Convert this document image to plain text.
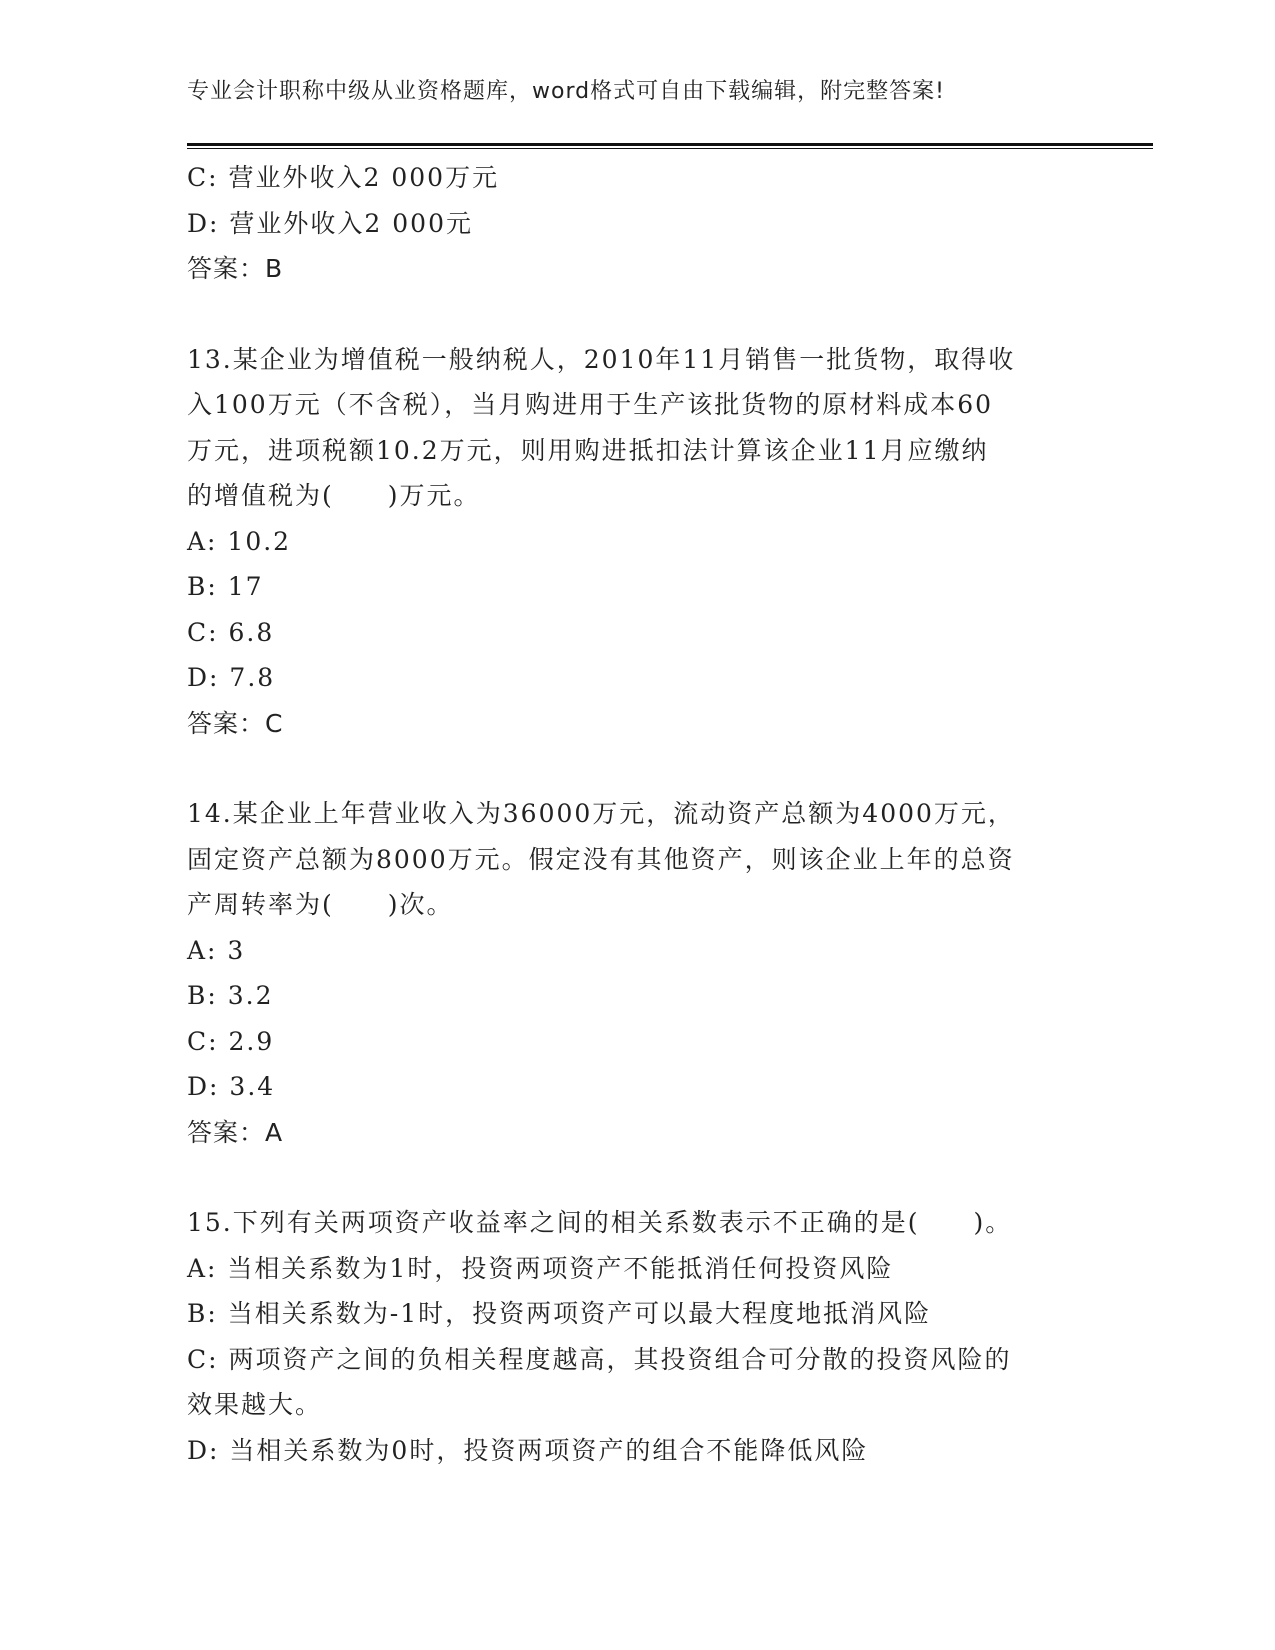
专业会计职称中级从业资格题库，word格式可自由下载编辑，附完整答案!
C: 营业外收入2 000万元
D: 营业外收入2 000元
答案：B
13.某企业为增值税一般纳税人，2010年11月销售一批货物，取得收
入100万元（不含税），当月购进用于生产该批货物的原材料成本60
万元，进项税额10.2万元，则用购进抵扣法计算该企业11月应缴纳
的增值税为(　　)万元。
A: 10.2
B: 17
C: 6.8
D: 7.8
答案：C
14.某企业上年营业收入为36000万元，流动资产总额为4000万元，
固定资产总额为8000万元。假定没有其他资产，则该企业上年的总资
产周转率为(　　)次。
A: 3
B: 3.2
C: 2.9
D: 3.4
答案：A
15.下列有关两项资产收益率之间的相关系数表示不正确的是(　　)。
A: 当相关系数为1时，投资两项资产不能抵消任何投资风险
B: 当相关系数为-1时，投资两项资产可以最大程度地抵消风险
C: 两项资产之间的负相关程度越高，其投资组合可分散的投资风险的
效果越大。
D: 当相关系数为0时，投资两项资产的组合不能降低风险
